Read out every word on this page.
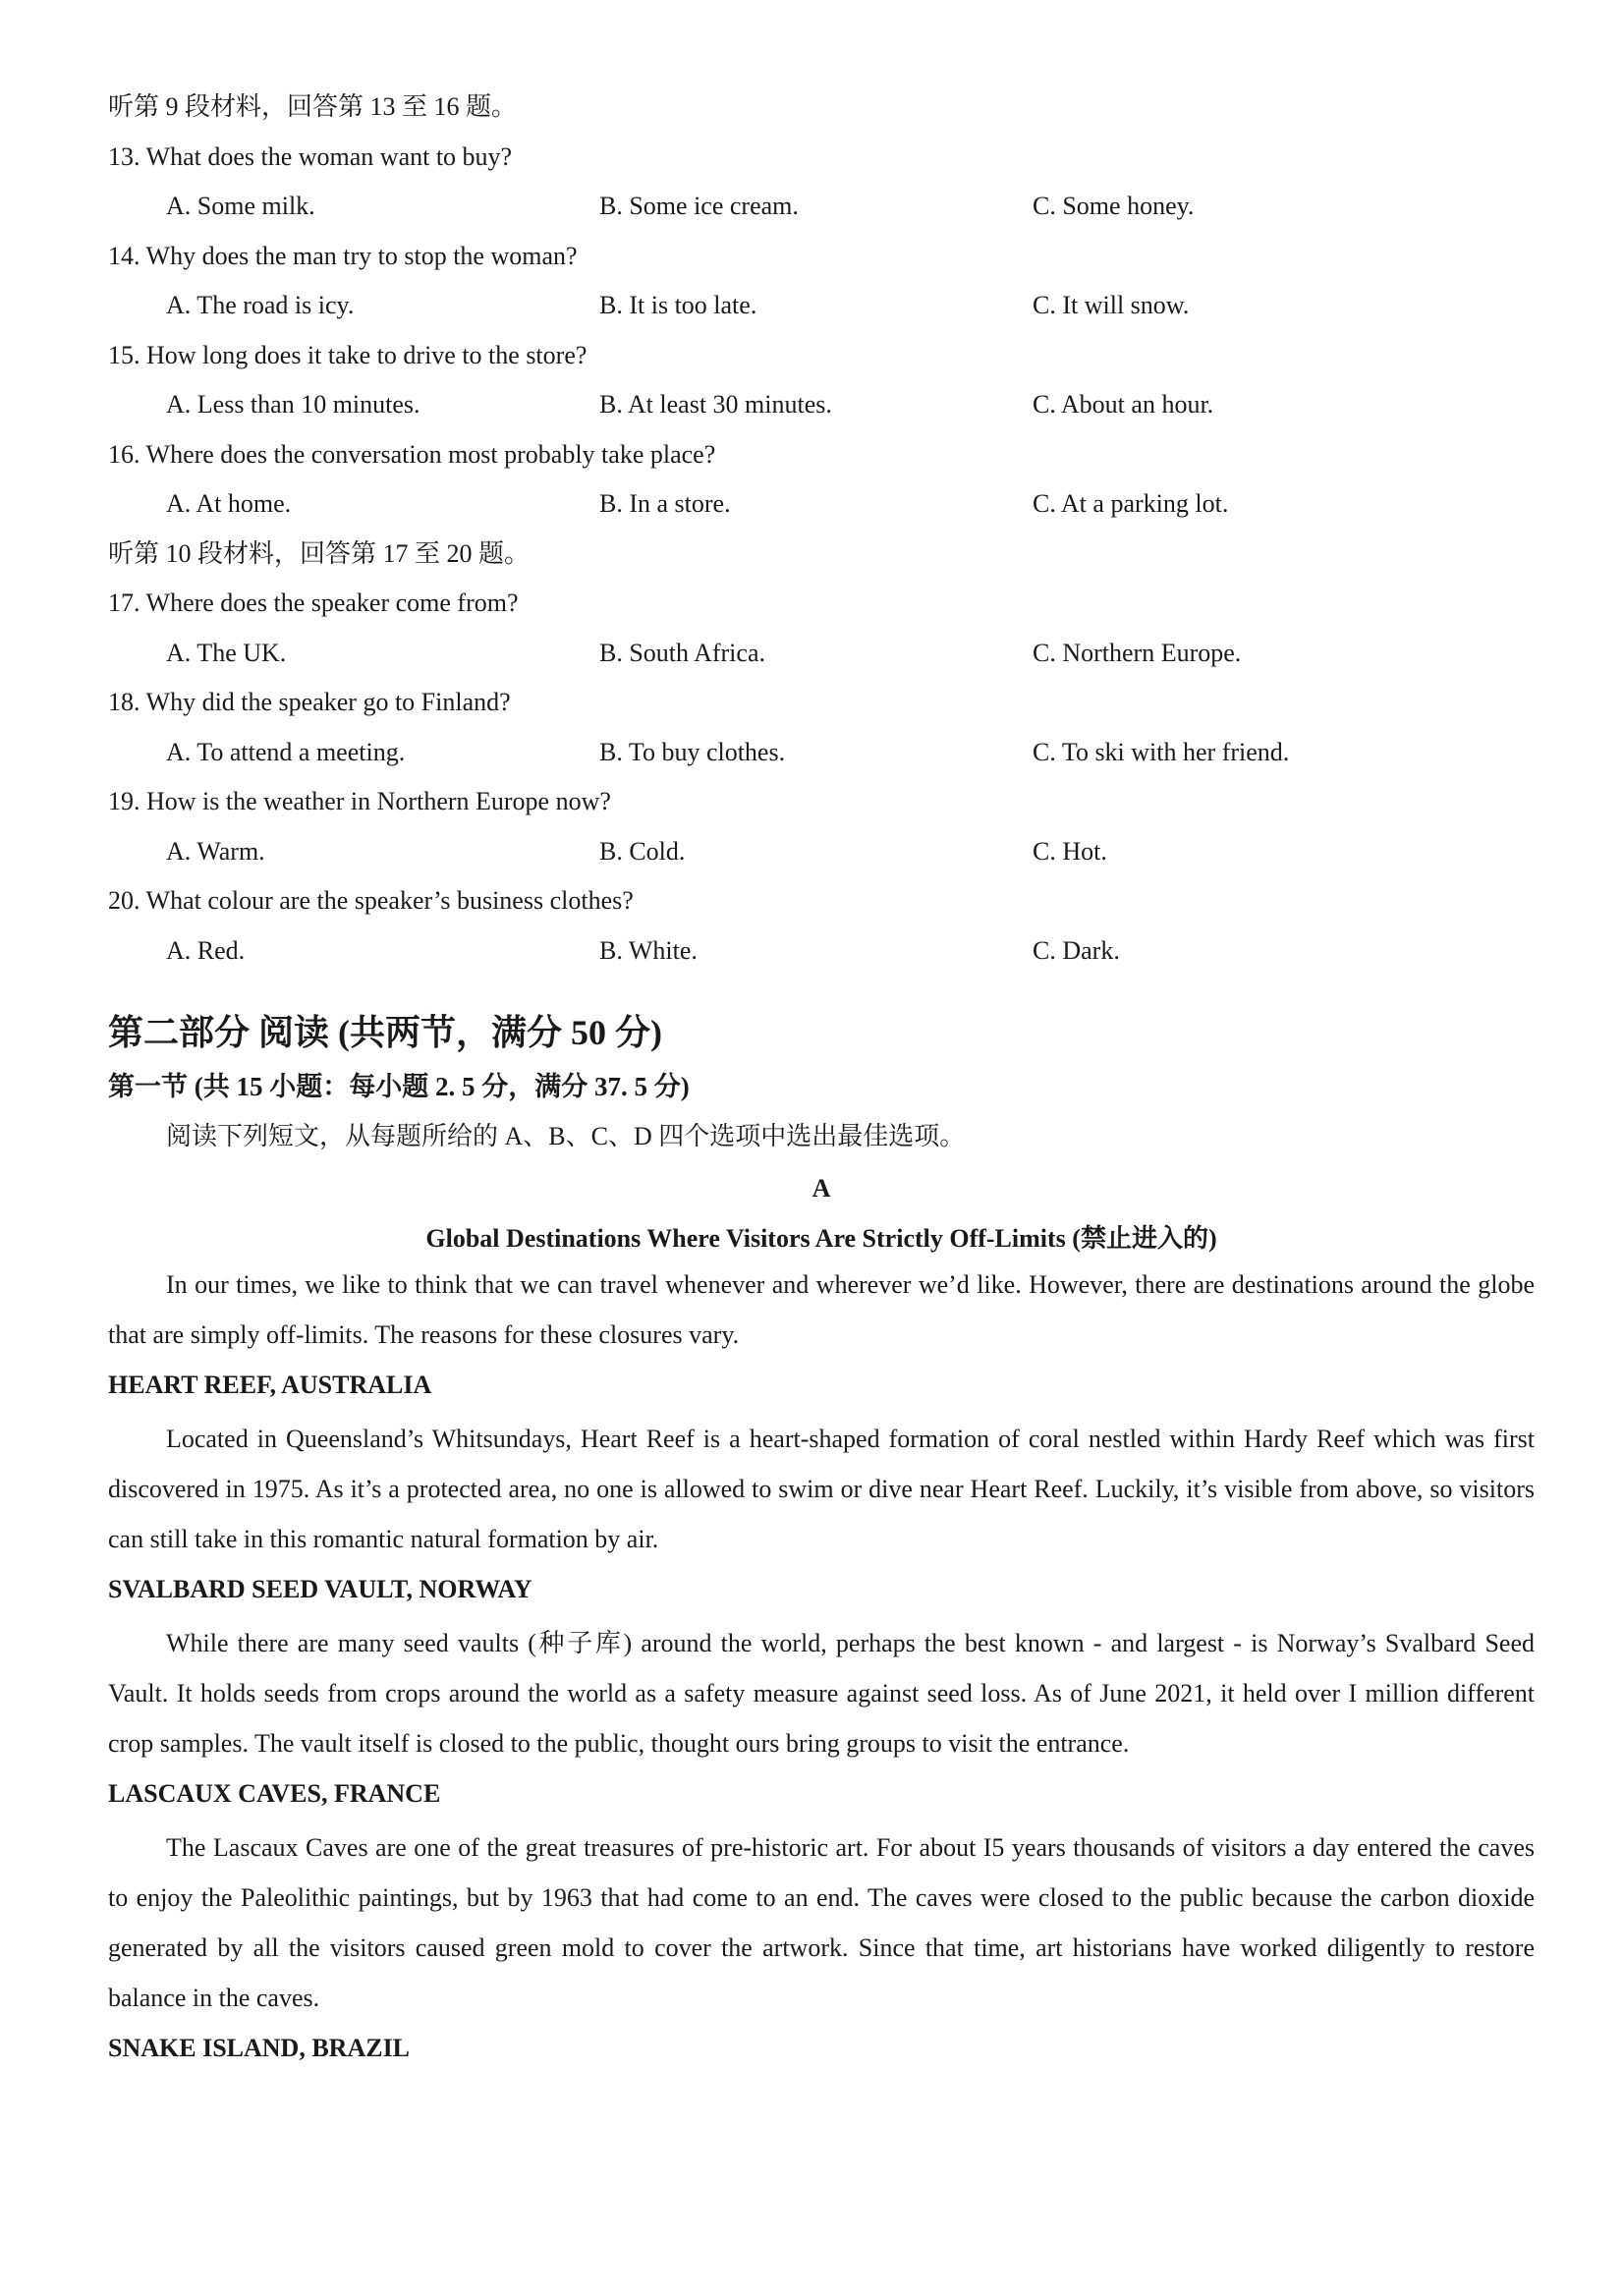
听第 9 段材料，回答第 13 至 16 题。
13. What does the woman want to buy?
A. Some milk.	B. Some ice cream.	C. Some honey.
14. Why does the man try to stop the woman?
A. The road is icy.	B. It is too late.	C. It will snow.
15. How long does it take to drive to the store?
A. Less than 10 minutes.	B. At least 30 minutes.	C. About an hour.
16. Where does the conversation most probably take place?
A. At home.	B. In a store.	C. At a parking lot.
听第 10 段材料，回答第 17 至 20 题。
17. Where does the speaker come from?
A. The UK.	B. South Africa.	C. Northern Europe.
18. Why did the speaker go to Finland?
A. To attend a meeting.	B. To buy clothes.	C. To ski with her friend.
19. How is the weather in Northern Europe now?
A. Warm.	B. Cold.	C. Hot.
20. What colour are the speaker’s business clothes?
A. Red.	B. White.	C. Dark.
第二部分 阅读 (共两节，满分 50 分)
第一节 (共 15 小题：每小题 2. 5 分，满分 37. 5 分)
阅读下列短文，从每题所给的 A、B、C、D 四个选项中选出最佳选项。
A
Global Destinations Where Visitors Are Strictly Off-Limits (禁止进入的)

In our times, we like to think that we can travel whenever and wherever we’d like. However, there are destinations around the globe that are simply off-limits. The reasons for these closures vary.

HEART REEF, AUSTRALIA

Located in Queensland’s Whitsundays, Heart Reef is a heart-shaped formation of coral nestled within Hardy Reef which was first discovered in 1975. As it’s a protected area, no one is allowed to swim or dive near Heart Reef. Luckily, it’s visible from above, so visitors can still take in this romantic natural formation by air.

SVALBARD SEED VAULT, NORWAY

While there are many seed vaults (种子库) around the world, perhaps the best known - and largest - is Norway’s Svalbard Seed Vault. It holds seeds from crops around the world as a safety measure against seed loss. As of June 2021, it held over I million different crop samples. The vault itself is closed to the public, thought ours bring groups to visit the entrance.

LASCAUX CAVES, FRANCE

The Lascaux Caves are one of the great treasures of pre-historic art. For about I5 years thousands of visitors a day entered the caves to enjoy the Paleolithic paintings, but by 1963 that had come to an end. The caves were closed to the public because the carbon dioxide generated by all the visitors caused green mold to cover the artwork. Since that time, art historians have worked diligently to restore balance in the caves.

SNAKE ISLAND, BRAZIL
